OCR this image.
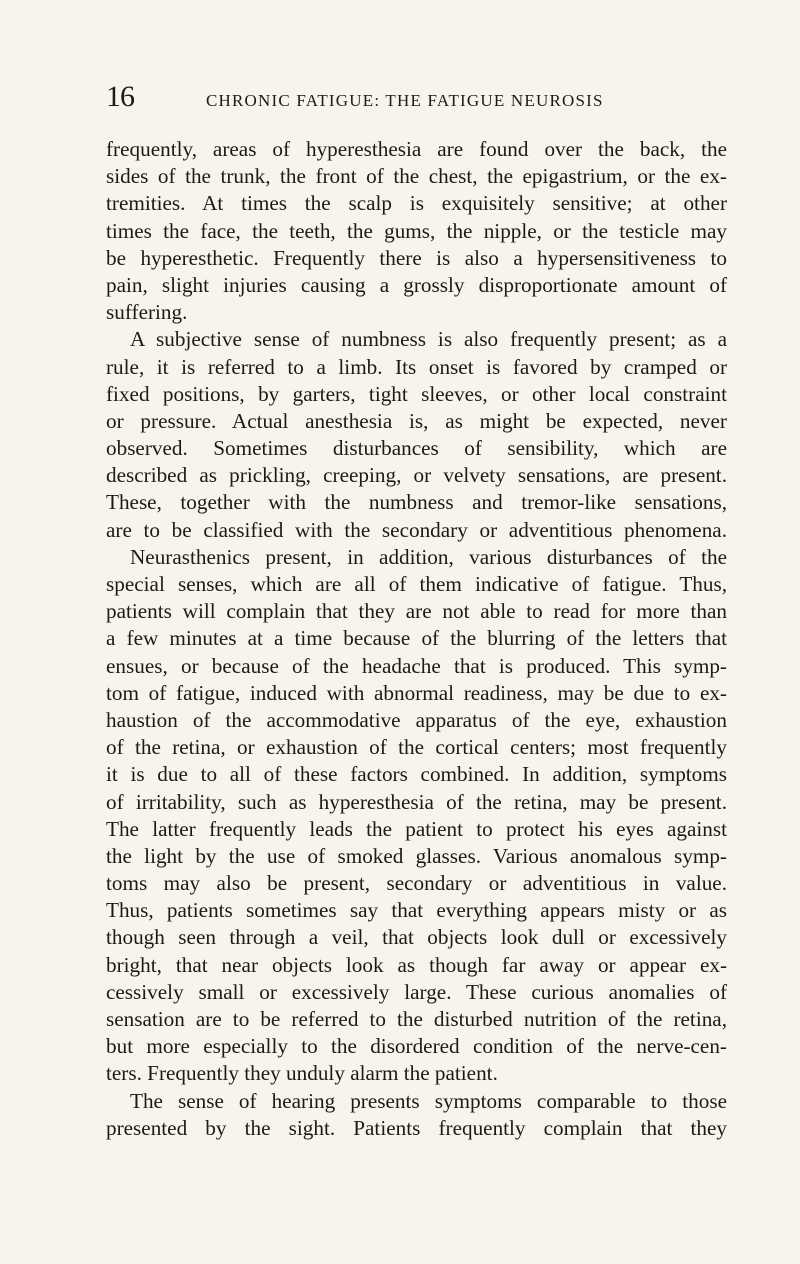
16	CHRONIC FATIGUE: THE FATIGUE NEUROSIS
frequently, areas of hyperesthesia are found over the back, the
sides of the trunk, the front of the chest, the epigastrium, or the ex-
tremities. At times the scalp is exquisitely sensitive; at other
times the face, the teeth, the gums, the nipple, or the testicle may
be hyperesthetic. Frequently there is also a hypersensitiveness to
pain, slight injuries causing a grossly disproportionate amount of
suffering.
A subjective sense of numbness is also frequently present; as a
rule, it is referred to a limb. Its onset is favored by cramped or
fixed positions, by garters, tight sleeves, or other local constraint
or pressure. Actual anesthesia is, as might be expected, never
observed. Sometimes disturbances of sensibility, which are
described as prickling, creeping, or velvety sensations, are present.
These, together with the numbness and tremor-like sensations,
are to be classified with the secondary or adventitious phenomena.
Neurasthenics present, in addition, various disturbances of the
special senses, which are all of them indicative of fatigue. Thus,
patients will complain that they are not able to read for more than
a few minutes at a time because of the blurring of the letters that
ensues, or because of the headache that is produced. This symp-
tom of fatigue, induced with abnormal readiness, may be due to ex-
haustion of the accommodative apparatus of the eye, exhaustion
of the retina, or exhaustion of the cortical centers; most frequently
it is due to all of these factors combined. In addition, symptoms
of irritability, such as hyperesthesia of the retina, may be present.
The latter frequently leads the patient to protect his eyes against
the light by the use of smoked glasses. Various anomalous symp-
toms may also be present, secondary or adventitious in value.
Thus, patients sometimes say that everything appears misty or as
though seen through a veil, that objects look dull or excessively
bright, that near objects look as though far away or appear ex-
cessively small or excessively large. These curious anomalies of
sensation are to be referred to the disturbed nutrition of the retina,
but more especially to the disordered condition of the nerve-cen-
ters. Frequently they unduly alarm the patient.
The sense of hearing presents symptoms comparable to those
presented by the sight. Patients frequently complain that they
